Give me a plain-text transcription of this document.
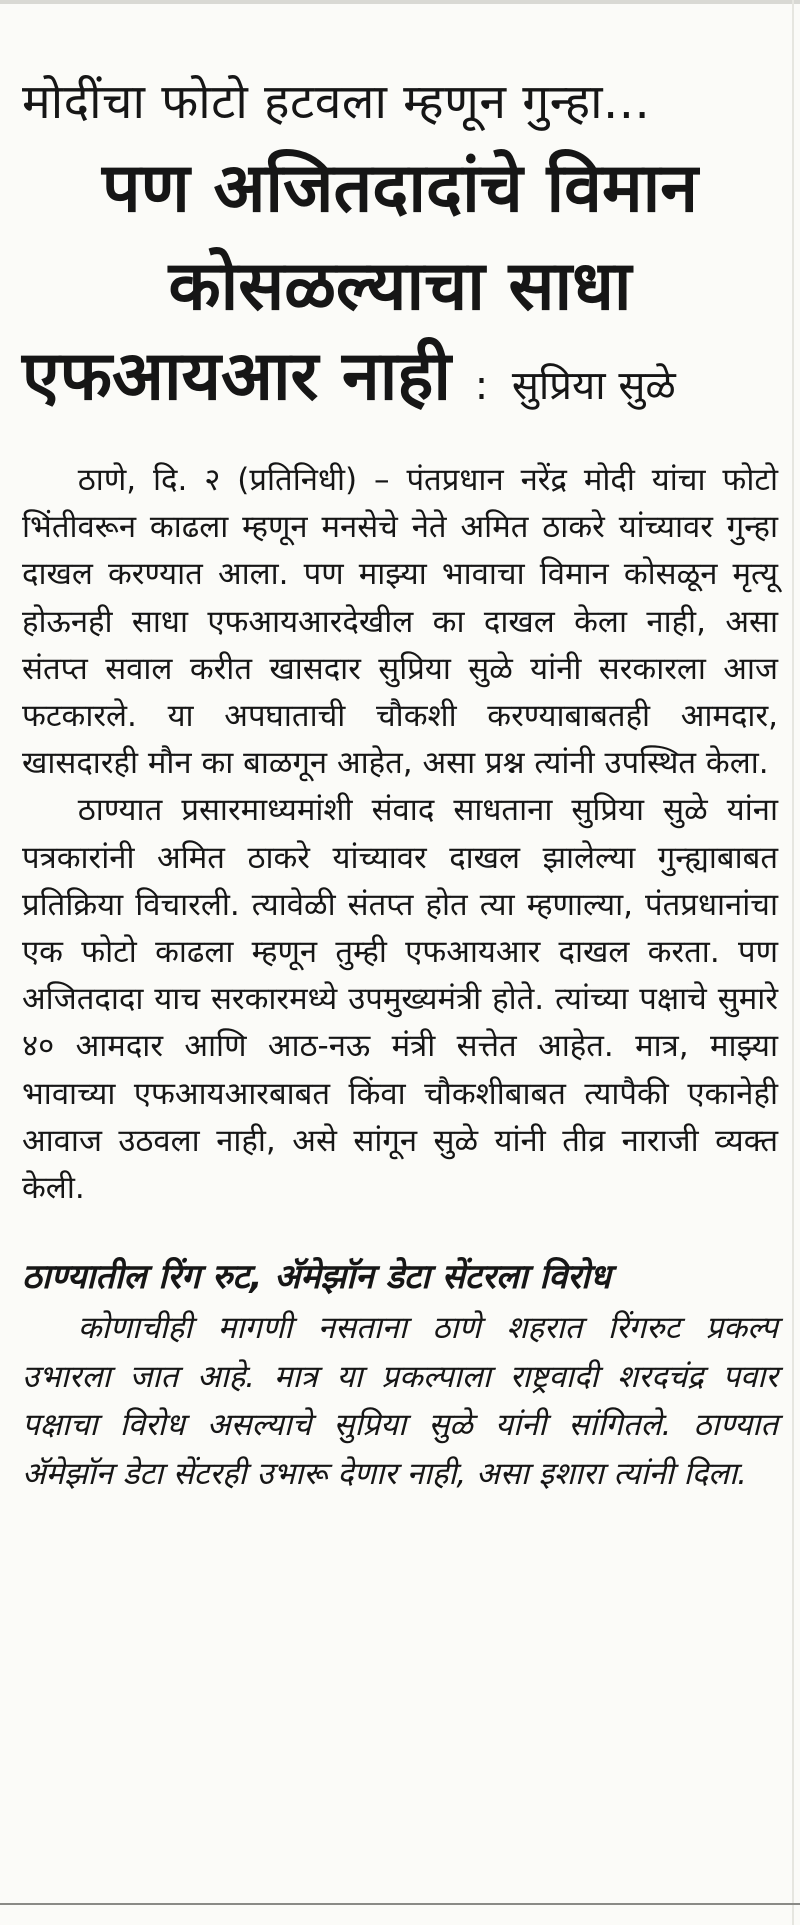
मोदींचा फोटो हटवला म्हणून गुन्हा...
पण अजितदादांचे विमान
कोसळल्याचा साधा
एफआयआर नाही : सुप्रिया सुळे

ठाणे, दि. २ (प्रतिनिधी) – पंतप्रधान नरेंद्र मोदी यांचा फोटो भिंतीवरून काढला म्हणून मनसेचे नेते अमित ठाकरे यांच्यावर गुन्हा दाखल करण्यात आला. पण माझ्या भावाचा विमान कोसळून मृत्यू होऊनही साधा एफआयआरदेखील का दाखल केला नाही, असा संतप्त सवाल करीत खासदार सुप्रिया सुळे यांनी सरकारला आज फटकारले. या अपघाताची चौकशी करण्याबाबतही आमदार, खासदारही मौन का बाळगून आहेत, असा प्रश्न त्यांनी उपस्थित केला.

ठाण्यात प्रसारमाध्यमांशी संवाद साधताना सुप्रिया सुळे यांना पत्रकारांनी अमित ठाकरे यांच्यावर दाखल झालेल्या गुन्ह्याबाबत प्रतिक्रिया विचारली. त्यावेळी संतप्त होत त्या म्हणाल्या, पंतप्रधानांचा एक फोटो काढला म्हणून तुम्ही एफआयआर दाखल करता. पण अजितदादा याच सरकारमध्ये उपमुख्यमंत्री होते. त्यांच्या पक्षाचे सुमारे ४० आमदार आणि आठ-नऊ मंत्री सत्तेत आहेत. मात्र, माझ्या भावाच्या एफआयआरबाबत किंवा चौकशीबाबत त्यापैकी एकानेही आवाज उठवला नाही, असे सांगून सुळे यांनी तीव्र नाराजी व्यक्त केली.

ठाण्यातील रिंग रुट, ॲमेझॉन डेटा सेंटरला विरोध

कोणाचीही मागणी नसताना ठाणे शहरात रिंगरुट प्रकल्प उभारला जात आहे. मात्र या प्रकल्पाला राष्ट्रवादी शरदचंद्र पवार पक्षाचा विरोध असल्याचे सुप्रिया सुळे यांनी सांगितले. ठाण्यात ॲमेझॉन डेटा सेंटरही उभारू देणार नाही, असा इशारा त्यांनी दिला.
